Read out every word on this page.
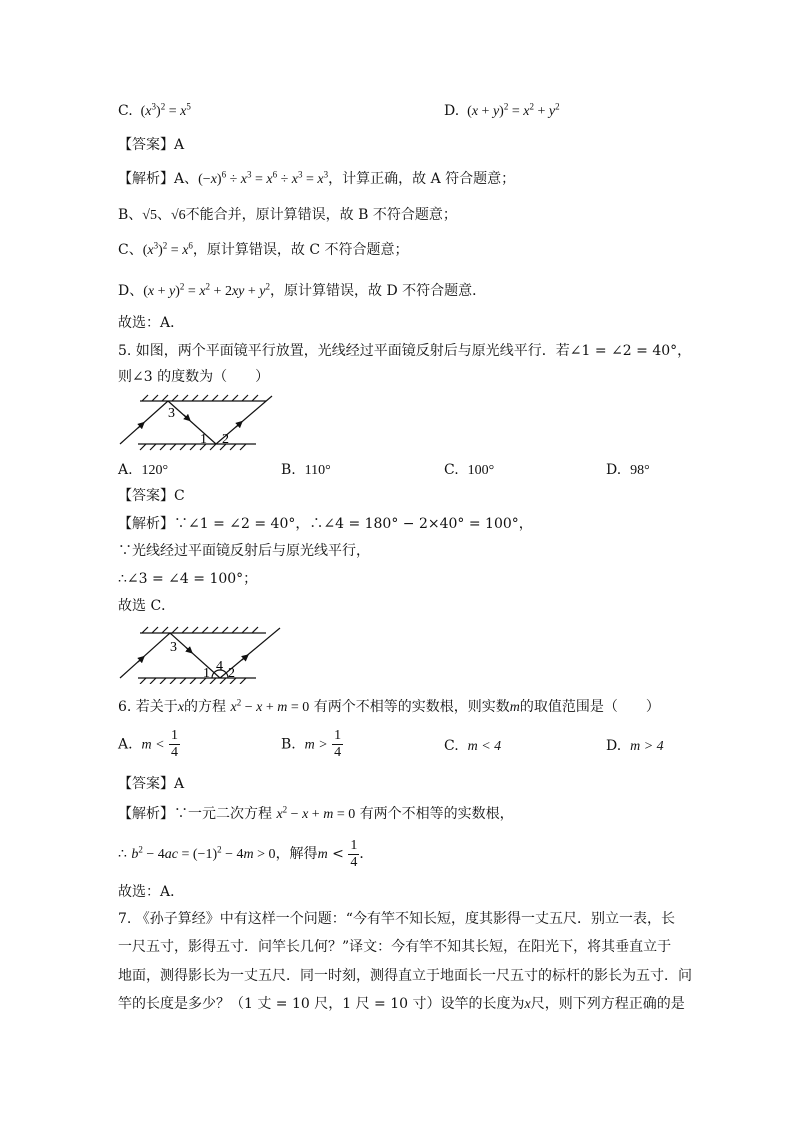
C.  $(x^3)^2 = x^5$	D.  $(x + y)^2 = x^2 + y^2$
【答案】A
【解析】A、$(-x)^6 \div x^3 = x^6 \div x^3 = x^3$，计算正确，故 A 符合题意；
B、√5、√6不能合并，原计算错误，故 B 不符合题意；
C、$(x^3)^2 = x^6$，原计算错误，故 C 不符合题意；
D、$(x + y)^2 = x^2 + 2xy + y^2$，原计算错误，故 D 不符合题意．
故选：A．
5. 如图，两个平面镜平行放置，光线经过平面镜反射后与原光线平行．若∠1 = ∠2 = 40°，
则∠3 的度数为（　　）
3
1 2
A. 120°	B. 110°	C. 100°	D. 98°
【答案】C
【解析】∵∠1 = ∠2 = 40°，∴∠4 = 180° − 2×40° = 100°，
∵光线经过平面镜反射后与原光线平行，
∴∠3 = ∠4 = 100°；
故选 C．
3
1 4 2
6. 若关于x的方程 $x^2 - x + m = 0$ 有两个不相等的实数根，则实数m的取值范围是（　　）
A. $m < \frac{1}{4}$	B. $m > \frac{1}{4}$	C. m < 4	D. m > 4
【答案】A
【解析】∵一元二次方程 $x^2 - x + m = 0$ 有两个不相等的实数根，
∴ $b^2 - 4ac = (-1)^2 - 4m > 0$，解得$m < \frac{1}{4}$ ．
故选：A．
7. 《孙子算经》中有这样一个问题：“今有竿不知长短，度其影得一丈五尺．别立一表，长
一尺五寸，影得五寸．问竿长几何？”译文：今有竿不知其长短，在阳光下，将其垂直立于
地面，测得影长为一丈五尺．同一时刻，测得直立于地面长一尺五寸的标杆的影长为五寸．问
竿的长度是多少？（1 丈 = 10 尺，1 尺 = 10 寸）设竿的长度为x尺，则下列方程正确的是
